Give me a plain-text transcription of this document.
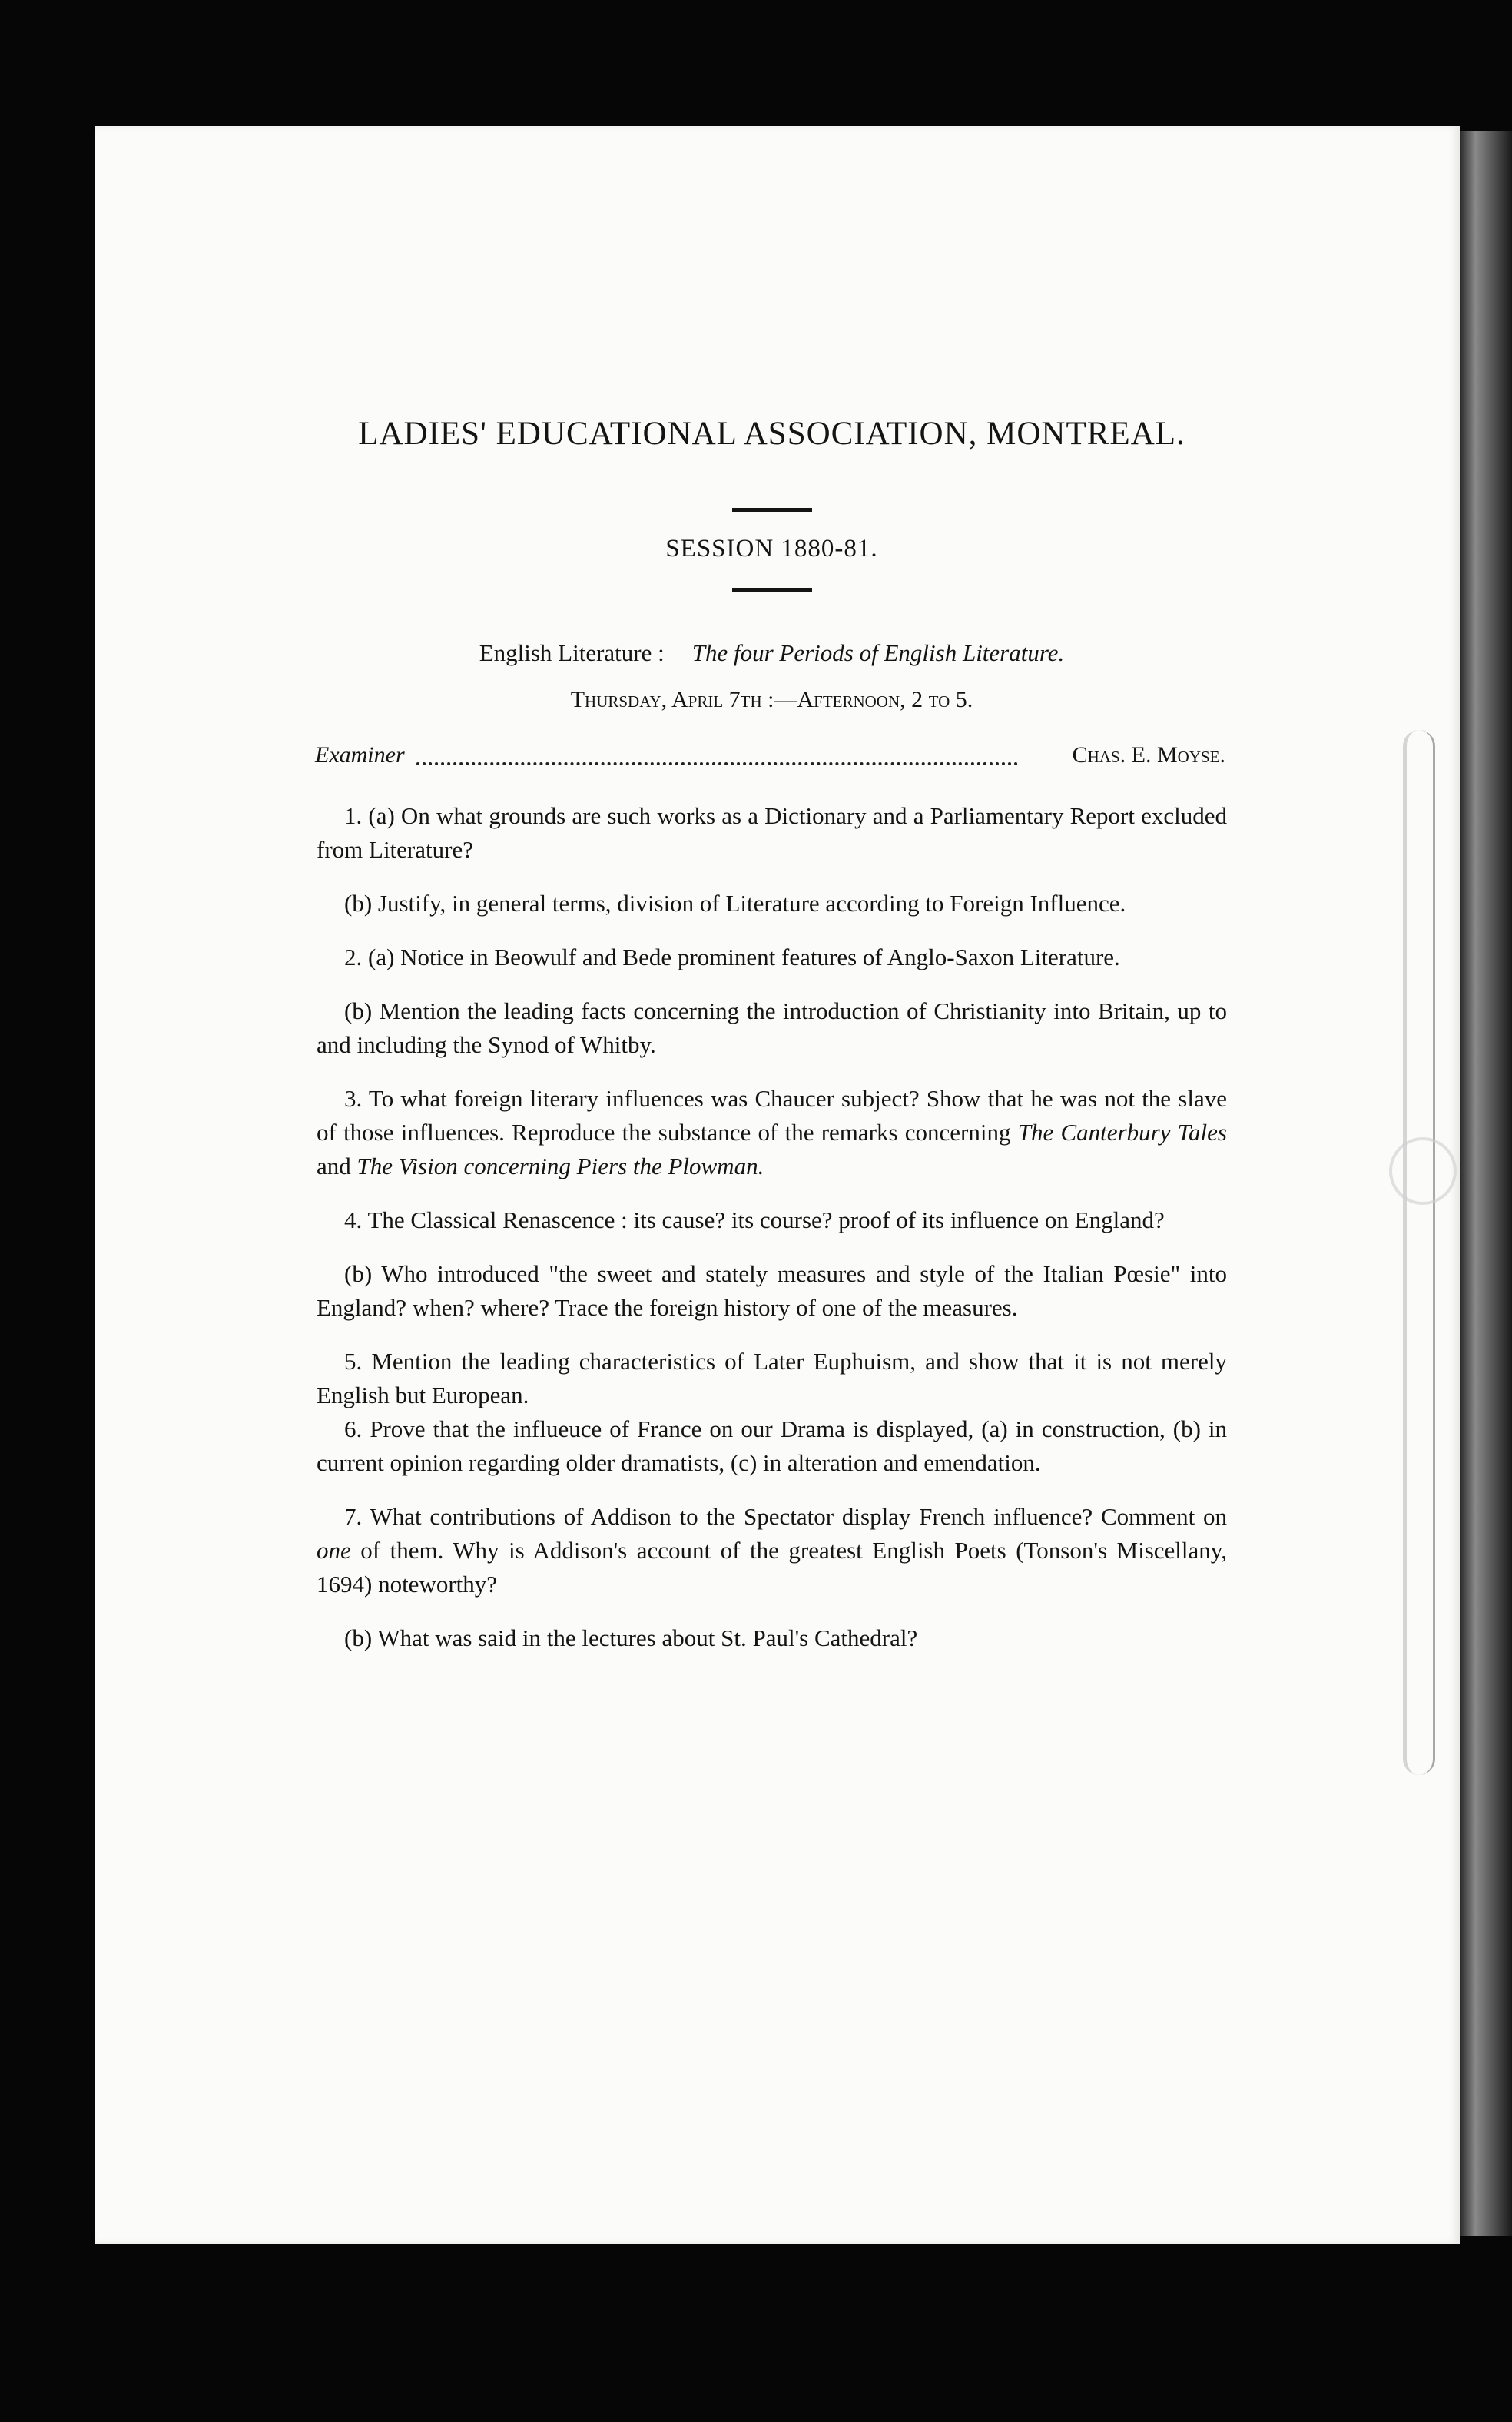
LADIES' EDUCATIONAL ASSOCIATION, MONTREAL.
SESSION 1880-81.
English Literature : The four Periods of English Literature.
Thursday, April 7th :—Afternoon, 2 to 5.
Examiner	Chas. E. Moyse.

1. (a) On what grounds are such works as a Dictionary and a Parliamentary Report excluded from Literature?

(b) Justify, in general terms, division of Literature according to Foreign Influence.

2. (a) Notice in Beowulf and Bede prominent features of Anglo-Saxon Literature.

(b) Mention the leading facts concerning the introduction of Christianity into Britain, up to and including the Synod of Whitby.

3. To what foreign literary influences was Chaucer subject? Show that he was not the slave of those influences. Reproduce the substance of the remarks concerning The Canterbury Tales and The Vision concerning Piers the Plowman.

4. The Classical Renascence : its cause? its course? proof of its influence on England?

(b) Who introduced "the sweet and stately measures and style of the Italian Pœsie" into England? when? where? Trace the foreign history of one of the measures.

5. Mention the leading characteristics of Later Euphuism, and show that it is not merely English but European.

6. Prove that the influeuce of France on our Drama is displayed, (a) in construction, (b) in current opinion regarding older dramatists, (c) in alteration and emendation.

7. What contributions of Addison to the Spectator display French influence? Comment on one of them. Why is Addison's account of the greatest English Poets (Tonson's Miscellany, 1694) noteworthy?

(b) What was said in the lectures about St. Paul's Cathedral?
